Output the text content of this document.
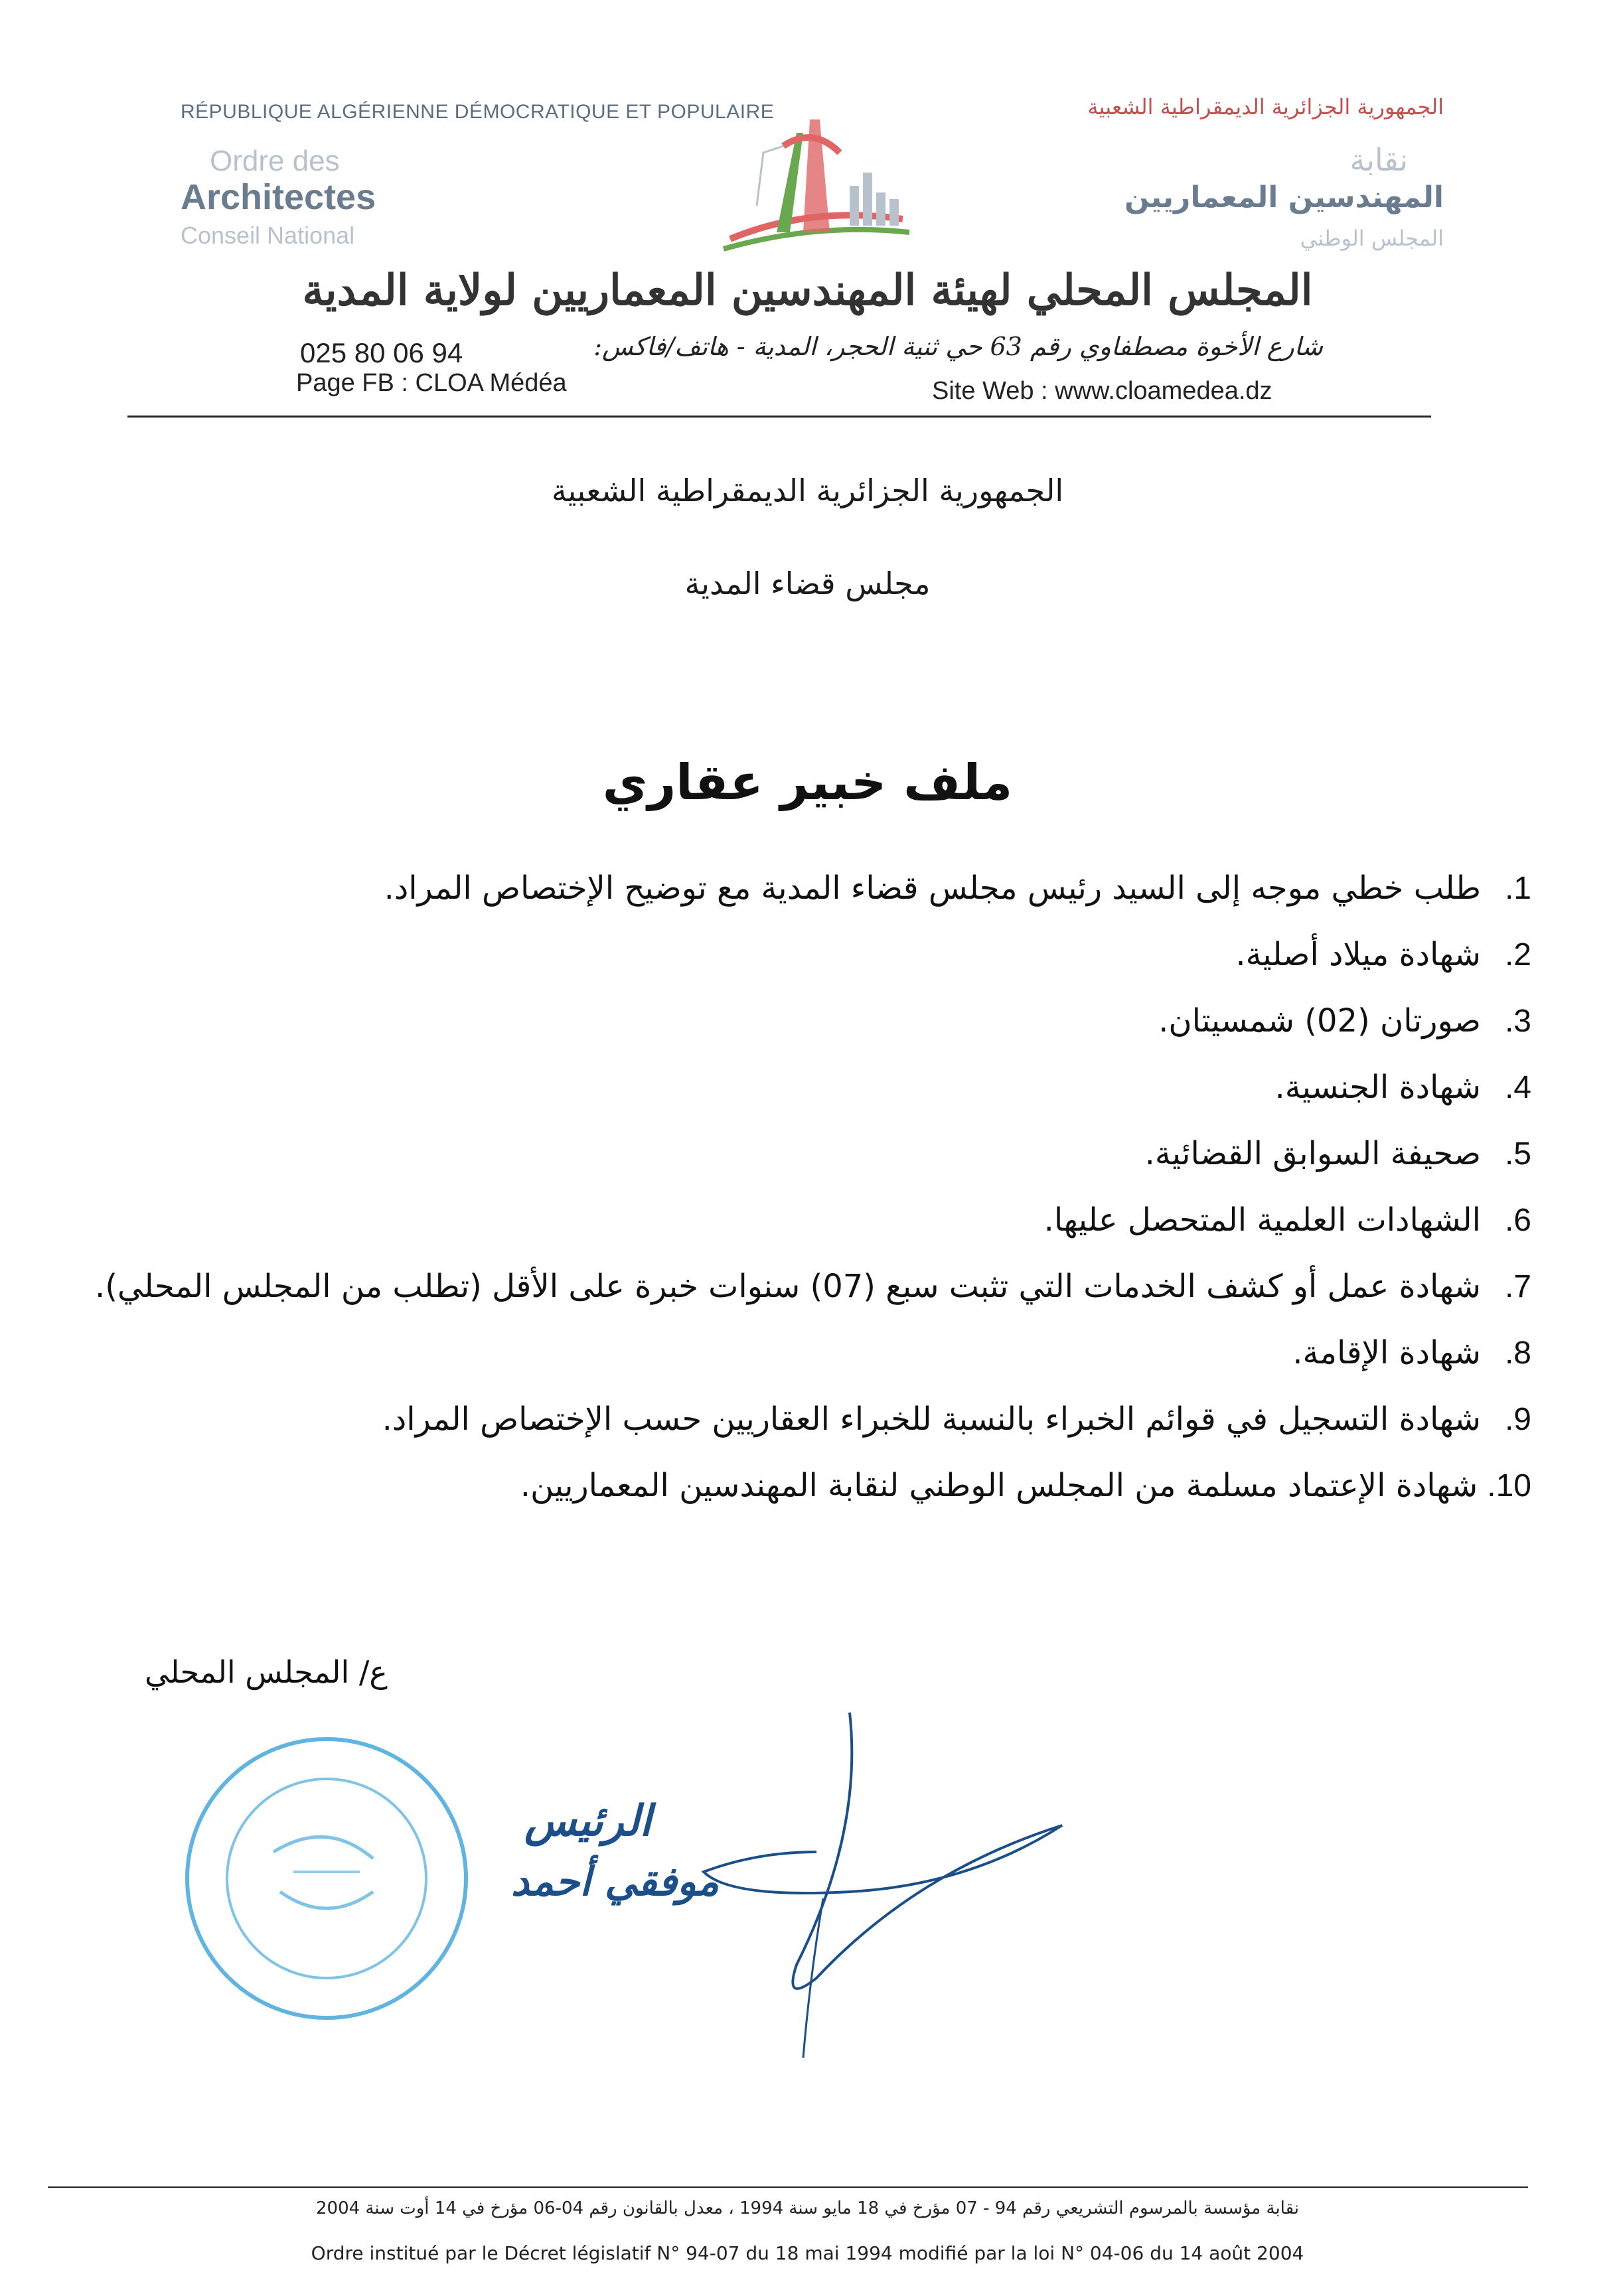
RÉPUBLIQUE ALGÉRIENNE DÉMOCRATIQUE ET POPULAIRE
Ordre des
Architectes
Conseil National
الجمهورية الجزائرية الديمقراطية الشعبية
نقابة
المهندسين المعماريين
المجلس الوطني
المجلس المحلي لهيئة المهندسين المعماريين لولاية المدية
شارع الأخوة مصطفاوي رقم 63 حي ثنية الحجر، المدية - هاتف/فاكس:
025 80 06 94
Page FB : CLOA Médéa	Site Web : www.cloamedea.dz
الجمهورية الجزائرية الديمقراطية الشعبية
مجلس قضاء المدية
ملف خبير عقاري
1.
طلب خطي موجه إلى السيد رئيس مجلس قضاء المدية مع توضيح الإختصاص المراد.
2.
شهادة ميلاد أصلية.
3.
صورتان (02) شمسيتان.
4.
شهادة الجنسية.
5.
صحيفة السوابق القضائية.
6.
الشهادات العلمية المتحصل عليها.
7.
شهادة عمل أو كشف الخدمات التي تثبت سبع (07) سنوات خبرة على الأقل (تطلب من المجلس المحلي).
8.
شهادة الإقامة.
9.
شهادة التسجيل في قوائم الخبراء بالنسبة للخبراء العقاريين حسب الإختصاص المراد.
10.
شهادة الإعتماد مسلمة من المجلس الوطني لنقابة المهندسين المعماريين.
ع/ المجلس المحلي
الرئيس
موفقي أحمد
نقابة مؤسسة بالمرسوم التشريعي رقم 94 - 07 مؤرخ في 18 مايو سنة 1994 ، معدل بالقانون رقم 04-06 مؤرخ في 14 أوت سنة 2004
Ordre institué par le Décret législatif N° 94-07 du 18 mai 1994 modifié par la loi N° 04-06 du 14 août 2004
